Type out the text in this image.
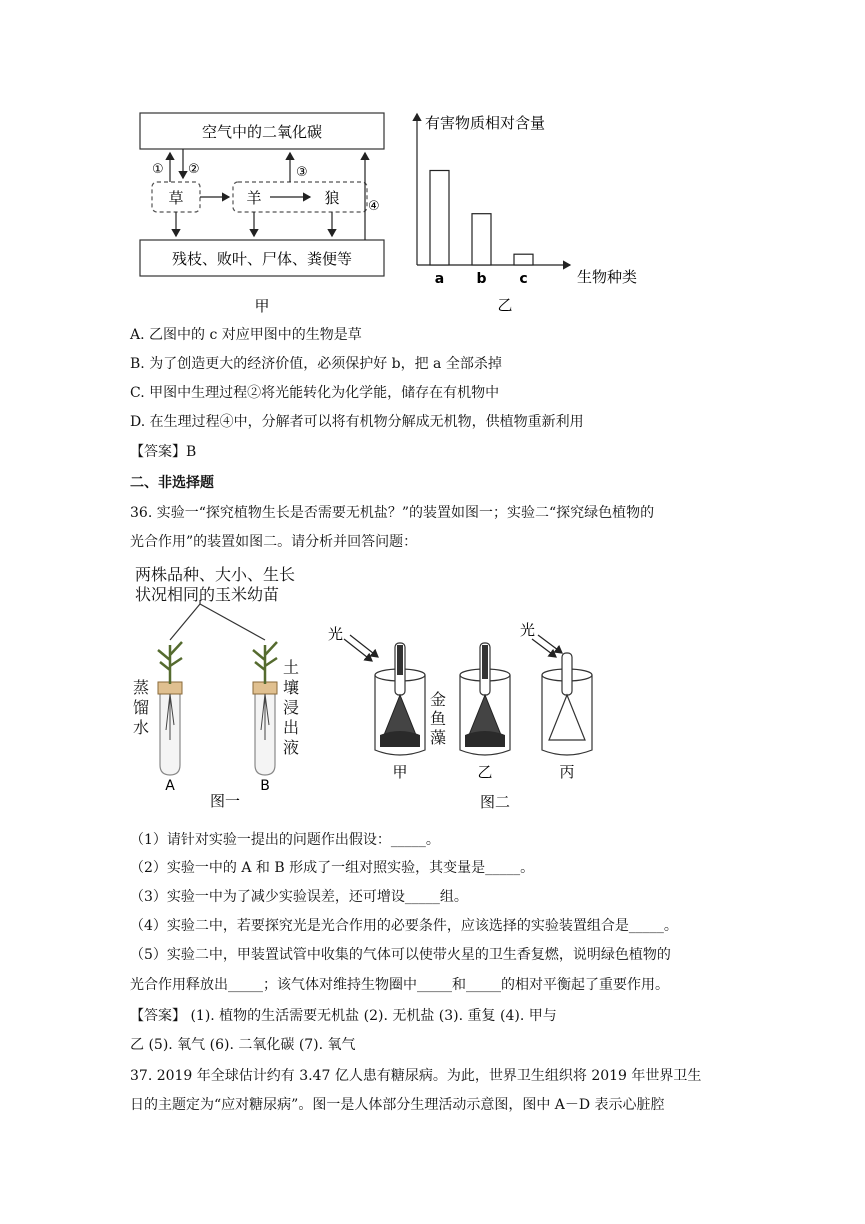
空气中的二氧化碳
残枝、败叶、尸体、粪便等
草	羊	狼
① ②	③
④
甲
有害物质相对含量
生物种类
a b c
乙
A. 乙图中的 c 对应甲图中的生物是草
B. 为了创造更大的经济价值，必须保护好 b，把 a 全部杀掉
C. 甲图中生理过程②将光能转化为化学能，储存在有机物中
D. 在生理过程④中，分解者可以将有机物分解成无机物，供植物重新利用
【答案】B
二、非选择题
36. 实验一“探究植物生长是否需要无机盐？”的装置如图一；实验二“探究绿色植物的
光合作用”的装置如图二。请分析并回答问题：
两株品种、大小、生长
状况相同的玉米幼苗
A	B
图一
蒸馏水
土壤浸出液
光	光
甲	乙	丙
图二
金鱼藻
（1）请针对实验一提出的问题作出假设：_____。
（2）实验一中的 A 和 B 形成了一组对照实验，其变量是_____。
（3）实验一中为了减少实验误差，还可增设_____组。
（4）实验二中，若要探究光是光合作用的必要条件，应该选择的实验装置组合是_____。
（5）实验二中，甲装置试管中收集的气体可以使带火星的卫生香复燃，说明绿色植物的
光合作用释放出_____；该气体对维持生物圈中_____和_____的相对平衡起了重要作用。
【答案】 (1). 植物的生活需要无机盐 (2). 无机盐 (3). 重复 (4). 甲与
乙 (5). 氧气 (6). 二氧化碳 (7). 氧气
37. 2019 年全球估计约有 3.47 亿人患有糖尿病。为此，世界卫生组织将 2019 年世界卫生
日的主题定为“应对糖尿病”。图一是人体部分生理活动示意图，图中 A－D 表示心脏腔
